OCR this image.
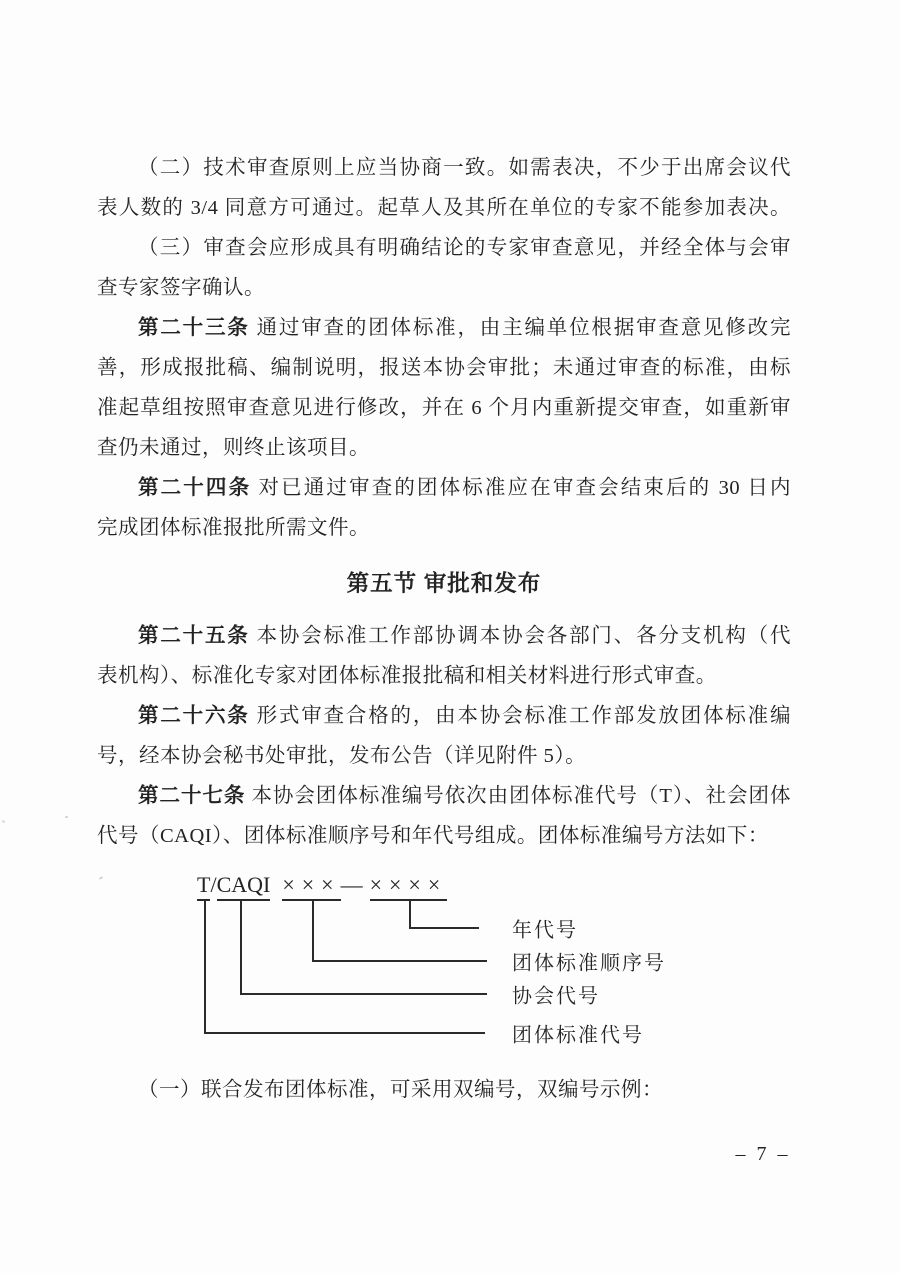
（二）技术审查原则上应当协商一致。如需表决，不少于出席会议代
表人数的 3/4 同意方可通过。起草人及其所在单位的专家不能参加表决。
（三）审查会应形成具有明确结论的专家审查意见，并经全体与会审
查专家签字确认。
第二十三条 通过审查的团体标准，由主编单位根据审查意见修改完
善，形成报批稿、编制说明，报送本协会审批；未通过审查的标准，由标
准起草组按照审查意见进行修改，并在 6 个月内重新提交审查，如重新审
查仍未通过，则终止该项目。
第二十四条 对已通过审查的团体标准应在审查会结束后的 30 日内
完成团体标准报批所需文件。
第五节 审批和发布
第二十五条 本协会标准工作部协调本协会各部门、各分支机构（代
表机构）、标准化专家对团体标准报批稿和相关材料进行形式审查。
第二十六条 形式审查合格的，由本协会标准工作部发放团体标准编
号，经本协会秘书处审批，发布公告（详见附件 5）。
第二十七条 本协会团体标准编号依次由团体标准代号（T）、社会团体
代号（CAQI）、团体标准顺序号和年代号组成。团体标准编号方法如下：
T/CAQI ×××—××××
年代号
团体标准顺序号
协会代号
团体标准代号
（一）联合发布团体标准，可采用双编号，双编号示例：
– 7 –
